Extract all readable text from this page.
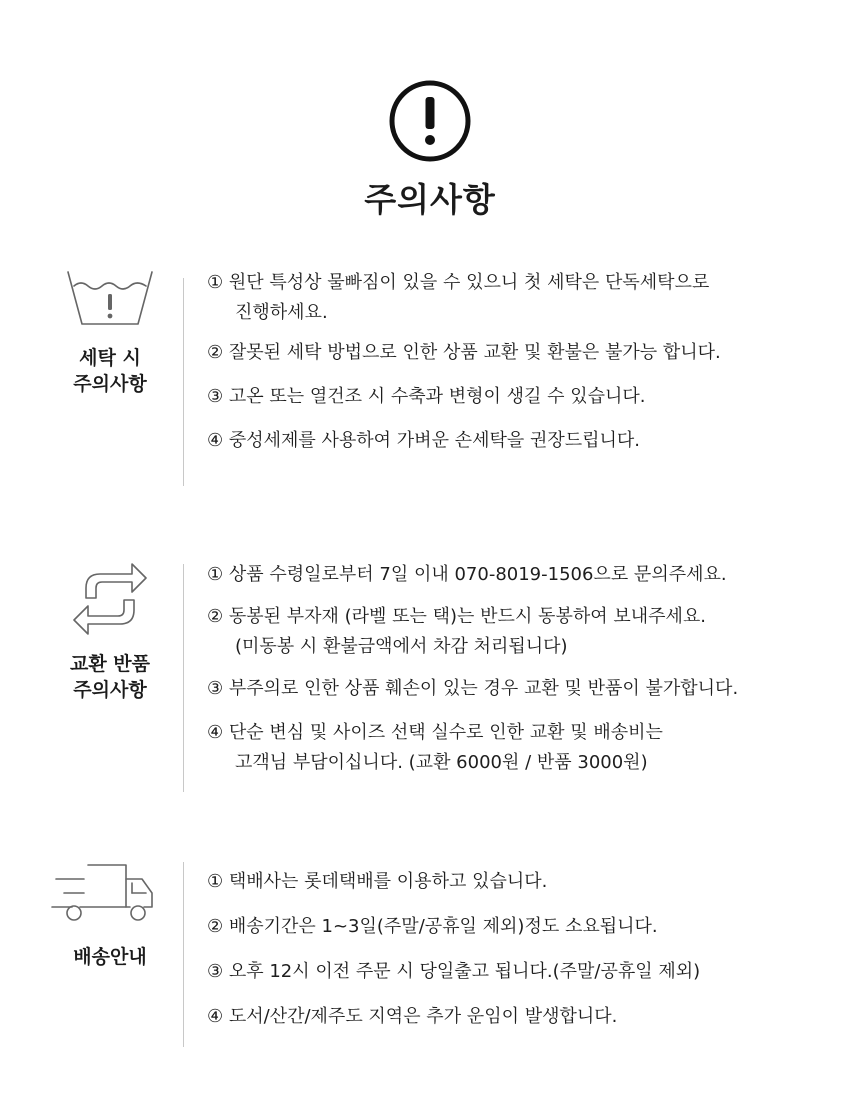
주의사항
세탁 시
주의사항
① 원단 특성상 물빠짐이 있을 수 있으니 첫 세탁은 단독세탁으로
진행하세요.
② 잘못된 세탁 방법으로 인한 상품 교환 및 환불은 불가능 합니다.
③ 고온 또는 열건조 시 수축과 변형이 생길 수 있습니다.
④ 중성세제를 사용하여 가벼운 손세탁을 권장드립니다.
교환 반품
주의사항
① 상품 수령일로부터 7일 이내 070-8019-1506으로 문의주세요.
② 동봉된 부자재 (라벨 또는 택)는 반드시 동봉하여 보내주세요.
(미동봉 시 환불금액에서 차감 처리됩니다)
③ 부주의로 인한 상품 훼손이 있는 경우 교환 및 반품이 불가합니다.
④ 단순 변심 및 사이즈 선택 실수로 인한 교환 및 배송비는
고객님 부담이십니다. (교환 6000원 / 반품 3000원)
배송안내
① 택배사는 롯데택배를 이용하고 있습니다.
② 배송기간은 1~3일(주말/공휴일 제외)정도 소요됩니다.
③ 오후 12시 이전 주문 시 당일출고 됩니다.(주말/공휴일 제외)
④ 도서/산간/제주도 지역은 추가 운임이 발생합니다.
